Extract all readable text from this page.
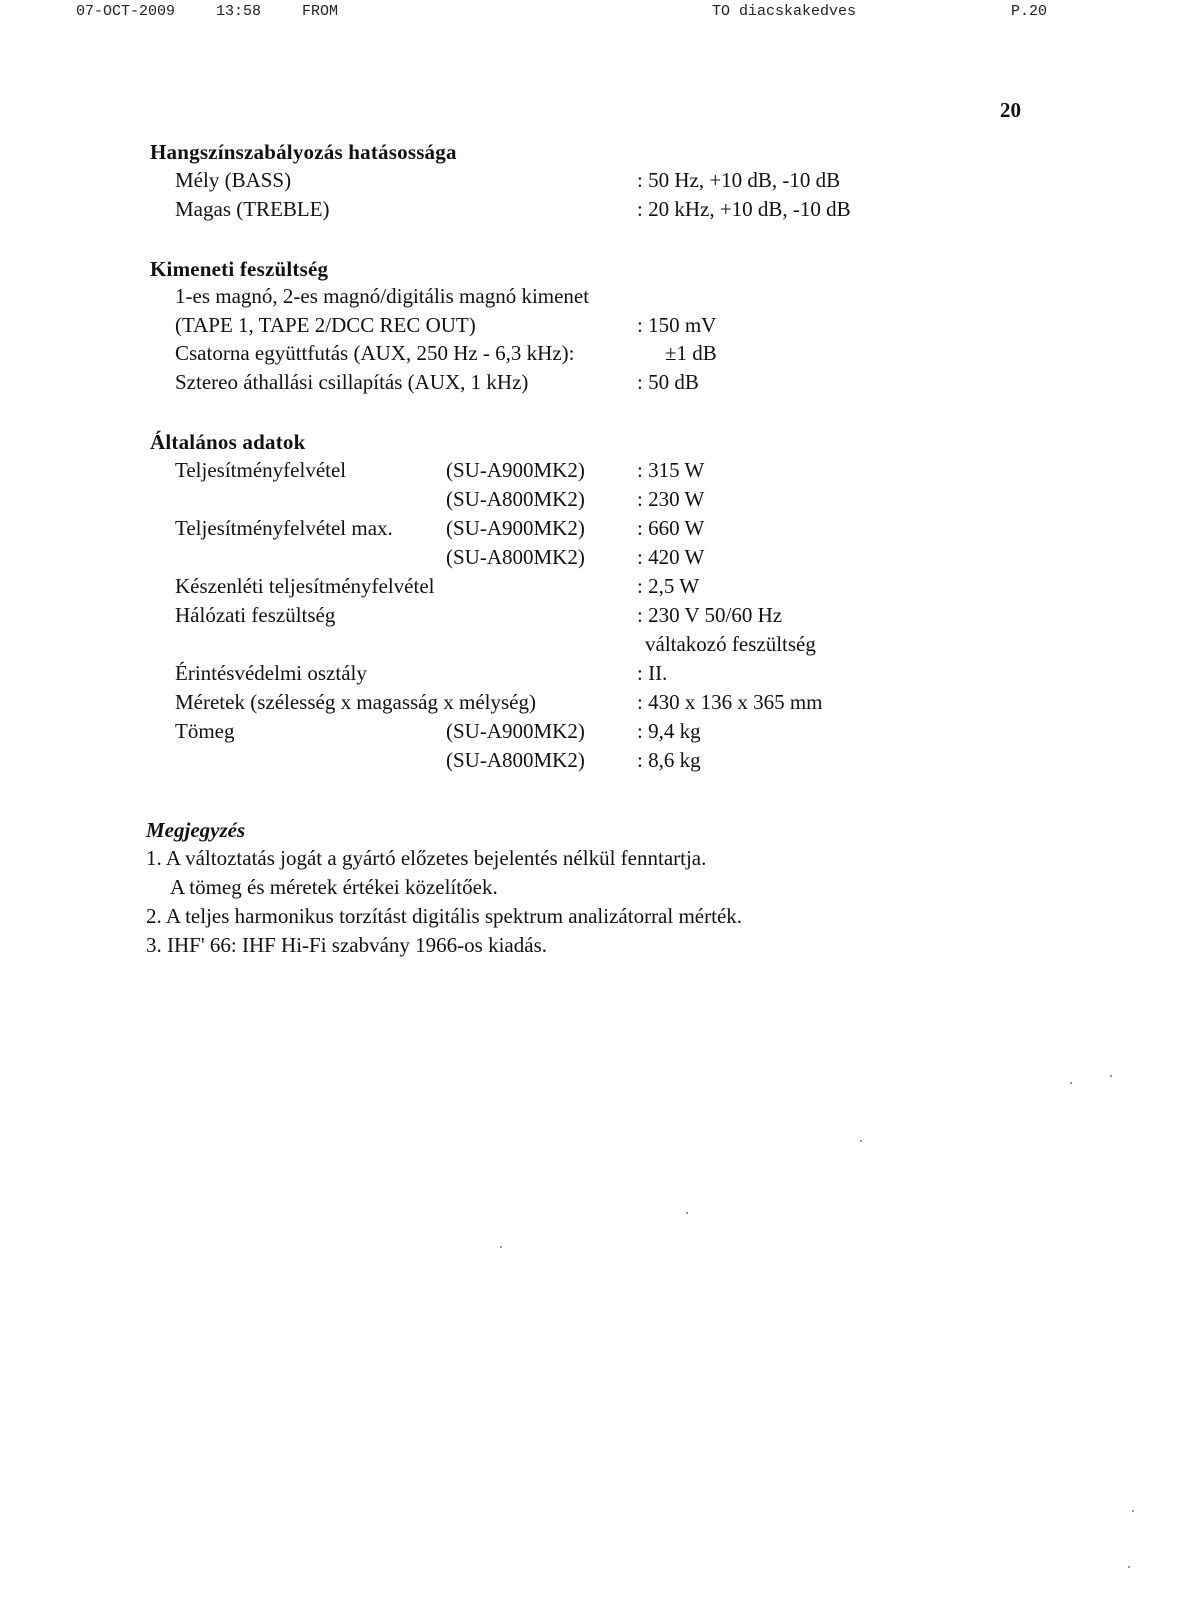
07-OCT-2009	13:58	FROM	TO diacskakedves	P.20
20
Hangszínszabályozás hatásossága
Mély (BASS)	: 50 Hz, +10 dB, -10 dB
Magas (TREBLE)	: 20 kHz, +10 dB, -10 dB
Kimeneti feszültség
1-es magnó, 2-es magnó/digitális magnó kimenet
(TAPE 1, TAPE 2/DCC REC OUT)	: 150 mV
Csatorna együttfutás (AUX, 250 Hz - 6,3 kHz):	±1 dB
Sztereo áthallási csillapítás (AUX, 1 kHz)	: 50 dB
Általános adatok
Teljesítményfelvétel	(SU-A900MK2) : 315 W
(SU-A800MK2) : 230 W
Teljesítményfelvétel max.	(SU-A900MK2) : 660 W
(SU-A800MK2) : 420 W
Készenléti teljesítményfelvétel	: 2,5 W
Hálózati feszültség	: 230 V 50/60 Hz
váltakozó feszültség
Érintésvédelmi osztály	: II.
Méretek (szélesség x magasság x mélység)	: 430 x 136 x 365 mm
Tömeg	(SU-A900MK2) : 9,4 kg
(SU-A800MK2) : 8,6 kg
Megjegyzés
1. A változtatás jogát a gyártó előzetes bejelentés nélkül fenntartja.
A tömeg és méretek értékei közelítőek.
2. A teljes harmonikus torzítást digitális spektrum analizátorral mérték.
3. IHF' 66: IHF Hi-Fi szabvány 1966-os kiadás.
